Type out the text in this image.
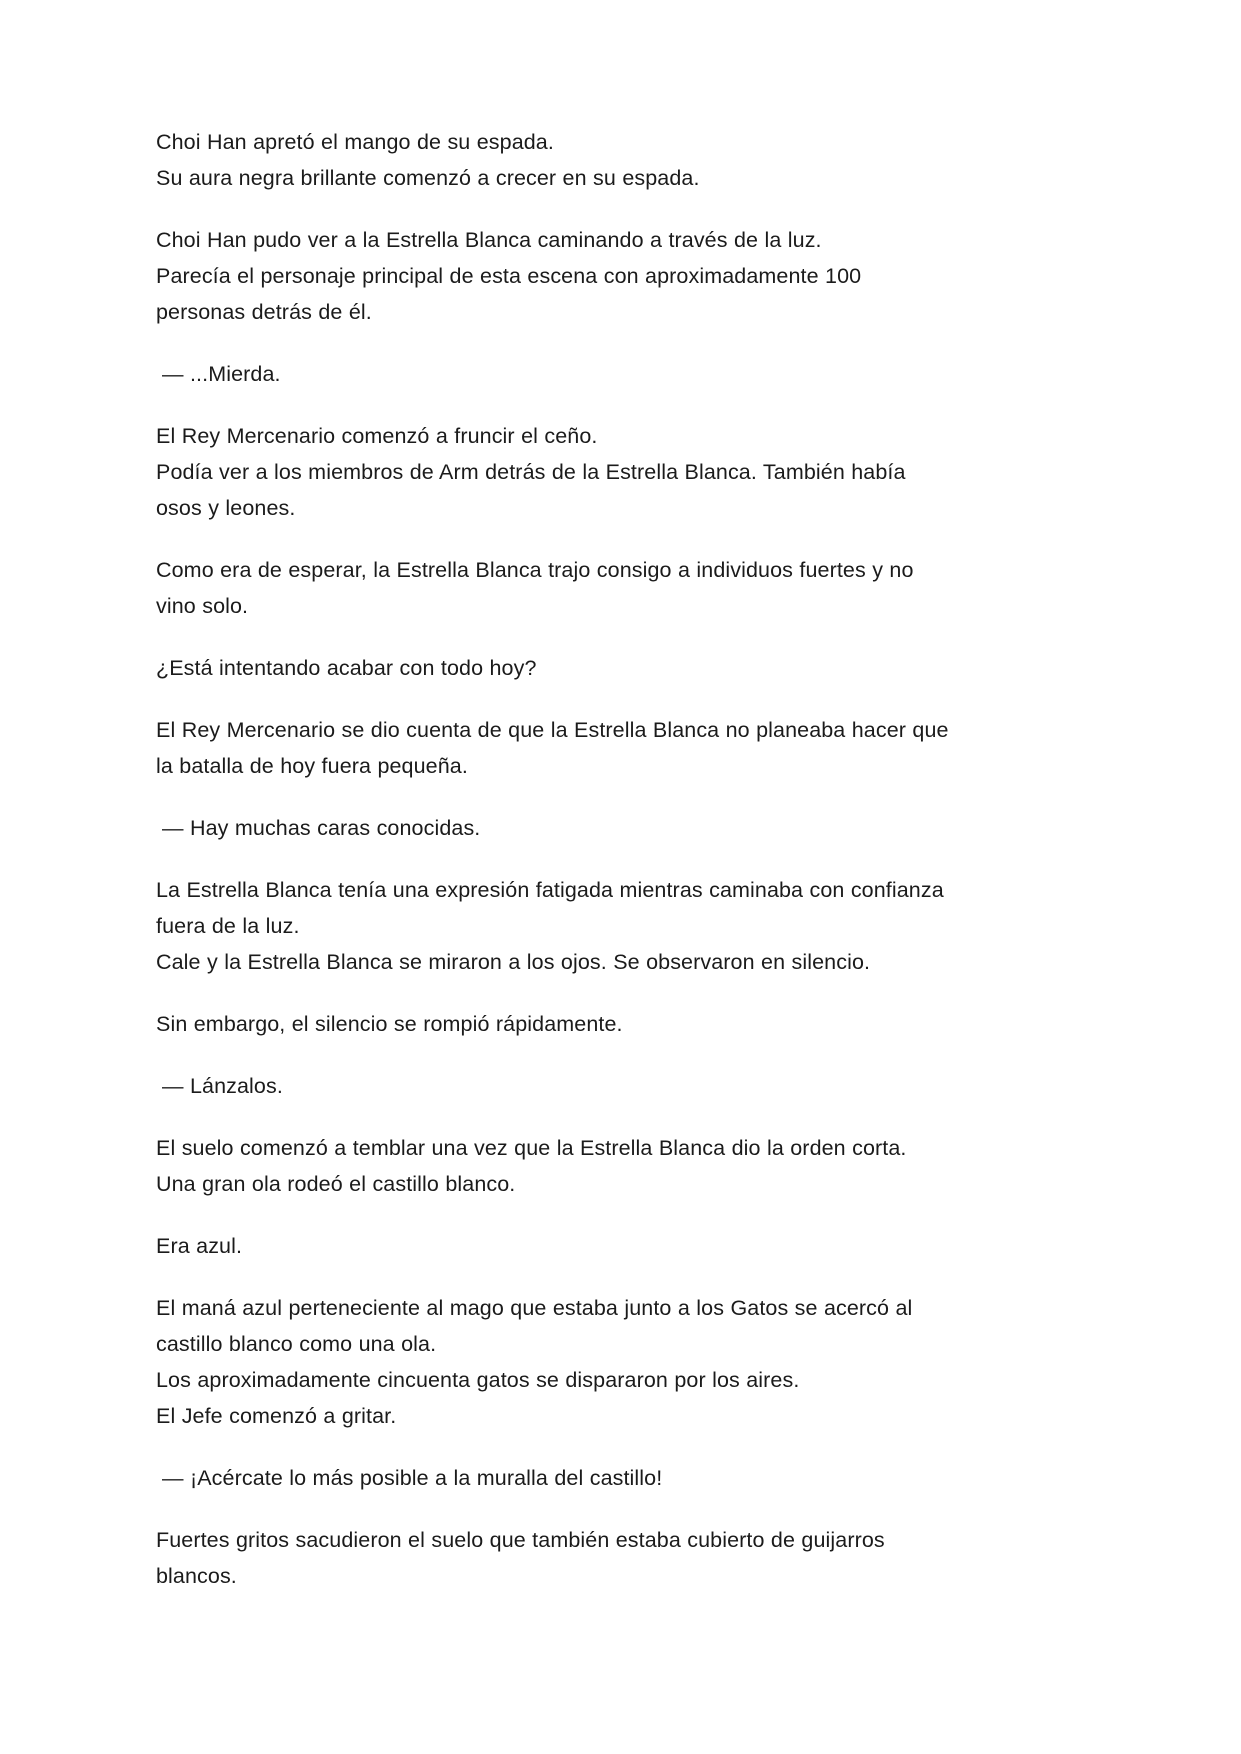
Choi Han apretó el mango de su espada.
Su aura negra brillante comenzó a crecer en su espada.

Choi Han pudo ver a la Estrella Blanca caminando a través de la luz.
Parecía el personaje principal de esta escena con aproximadamente 100 personas detrás de él.

— ...Mierda.

El Rey Mercenario comenzó a fruncir el ceño.
Podía ver a los miembros de Arm detrás de la Estrella Blanca. También había osos y leones.

Como era de esperar, la Estrella Blanca trajo consigo a individuos fuertes y no vino solo.

¿Está intentando acabar con todo hoy?

El Rey Mercenario se dio cuenta de que la Estrella Blanca no planeaba hacer que la batalla de hoy fuera pequeña.

— Hay muchas caras conocidas.

La Estrella Blanca tenía una expresión fatigada mientras caminaba con confianza fuera de la luz.
Cale y la Estrella Blanca se miraron a los ojos. Se observaron en silencio.

Sin embargo, el silencio se rompió rápidamente.

— Lánzalos.

El suelo comenzó a temblar una vez que la Estrella Blanca dio la orden corta.
Una gran ola rodeó el castillo blanco.

Era azul.

El maná azul perteneciente al mago que estaba junto a los Gatos se acercó al castillo blanco como una ola.
Los aproximadamente cincuenta gatos se dispararon por los aires.
El Jefe comenzó a gritar.

— ¡Acércate lo más posible a la muralla del castillo!

Fuertes gritos sacudieron el suelo que también estaba cubierto de guijarros blancos.
